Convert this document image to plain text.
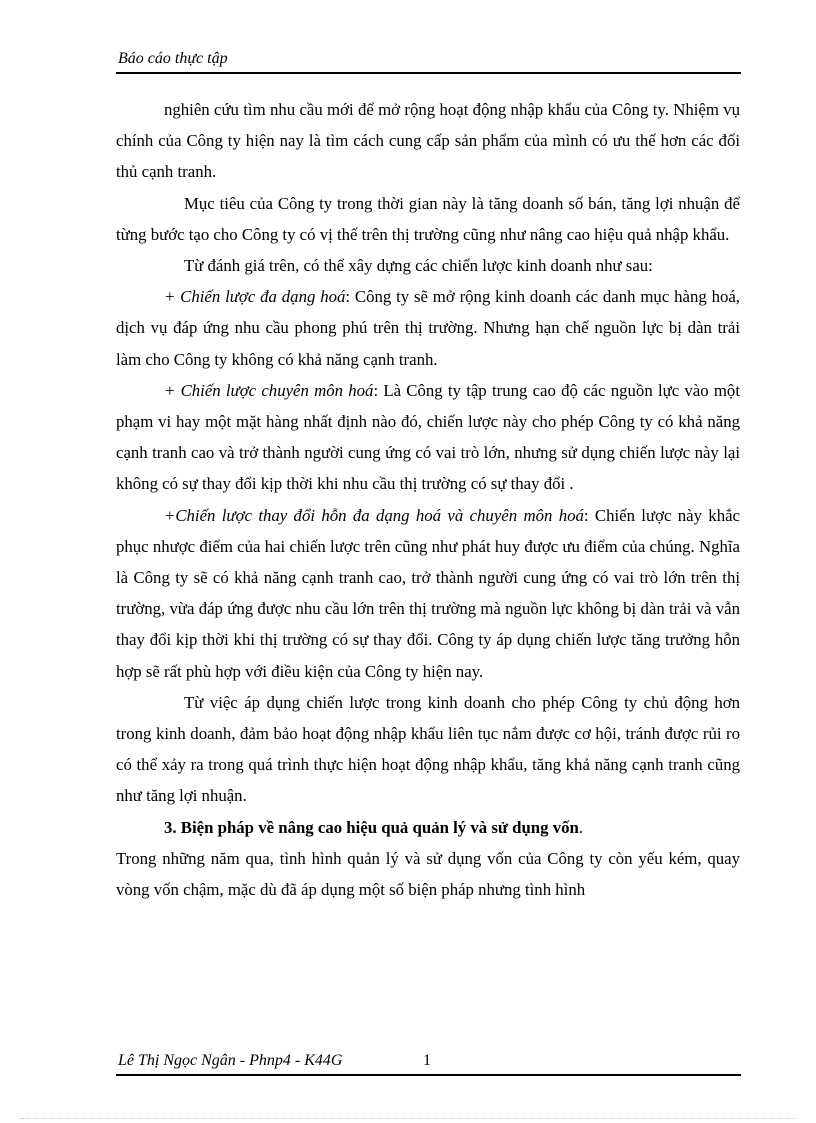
Báo cáo thực tập

nghiên cứu tìm nhu cầu mới để mở rộng hoạt động nhập khẩu của Công ty. Nhiệm vụ chính của Công ty hiện nay là tìm cách cung cấp sản phẩm của mình có ưu thế hơn các đối thủ cạnh tranh.

Mục tiêu của Công ty trong thời gian này là tăng doanh số bán, tăng lợi nhuận để từng bước tạo cho Công ty có vị thế trên thị trường cũng như nâng cao hiệu quả nhập khẩu.

Từ đánh giá trên, có thể xây dựng các chiến lược kinh doanh như sau:

+ Chiến lược đa dạng hoá: Công ty sẽ mở rộng kinh doanh các danh mục hàng hoá, dịch vụ đáp ứng nhu cầu phong phú trên thị trường. Nhưng hạn chế nguồn lực bị dàn trải làm cho Công ty không có khả năng cạnh tranh.

+ Chiến lược chuyên môn hoá: Là Công ty tập trung cao độ các nguồn lực vào một phạm vi hay một mặt hàng nhất định nào đó, chiến lược này cho phép Công ty có khả năng cạnh tranh cao và trở thành người cung ứng có vai trò lớn, nhưng sử dụng chiến lược này lại không có sự thay đổi kịp thời khi nhu cầu thị trường có sự thay đổi .

+Chiến lược thay đổi hỗn đa dạng hoá và chuyên môn hoá: Chiến lược này khắc phục nhược điểm của hai chiến lược trên cũng như phát huy được ưu điểm của chúng. Nghĩa là Công ty sẽ có khả năng cạnh tranh cao, trở thành người cung ứng có vai trò lớn trên thị trường, vừa đáp ứng được nhu cầu lớn trên thị trường mà nguồn lực không bị dàn trải và vẫn thay đổi kịp thời khi thị trường có sự thay đổi. Công ty áp dụng chiến lược tăng trưởng hỗn hợp sẽ rất phù hợp với điều kiện của Công ty hiện nay.

Từ việc áp dụng chiến lược trong kinh doanh cho phép Công ty chủ động hơn trong kinh doanh, đảm bảo hoạt động nhập khẩu liên tục nắm được cơ hội, tránh được rủi ro có thể xảy ra trong quá trình thực hiện hoạt động nhập khẩu, tăng khả năng cạnh tranh cũng như tăng lợi nhuận.

3. Biện pháp về nâng cao hiệu quả quản lý và sử dụng vốn.

Trong những năm qua, tình hình quản lý và sử dụng vốn của Công ty còn yếu kém, quay vòng vốn chậm, mặc dù đã áp dụng một số biện pháp nhưng tình hình

Lê Thị Ngọc Ngân - Phnp4 - K44G	1
